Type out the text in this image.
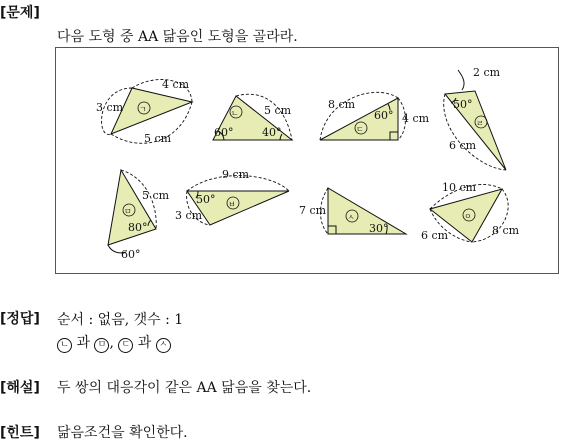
[문제]
다음 도형 중 AA 닮음인 도형을 골라라.
ㄱ
3 cm
4 cm
5 cm
ㄴ 5 cm
60°	40°	ㄷ
8 cm
60° 4 cm	ㄹ
2 cm
50°
6 cm
ㅁ
5 cm
80°
60°
ㅂ
9 cm
50°
3 cm	ㅅ
7 cm
30°
ㅇ
10 cm
6 cm	8 cm
[정답] 순서 : 없음, 갯수 : 1
ㄴ 과 ㅁ , ㄷ 과 ㅅ
[해설] 두 쌍의 대응각이 같은 AA 닮음을 찾는다.
[힌트] 닮음조건을 확인한다.
